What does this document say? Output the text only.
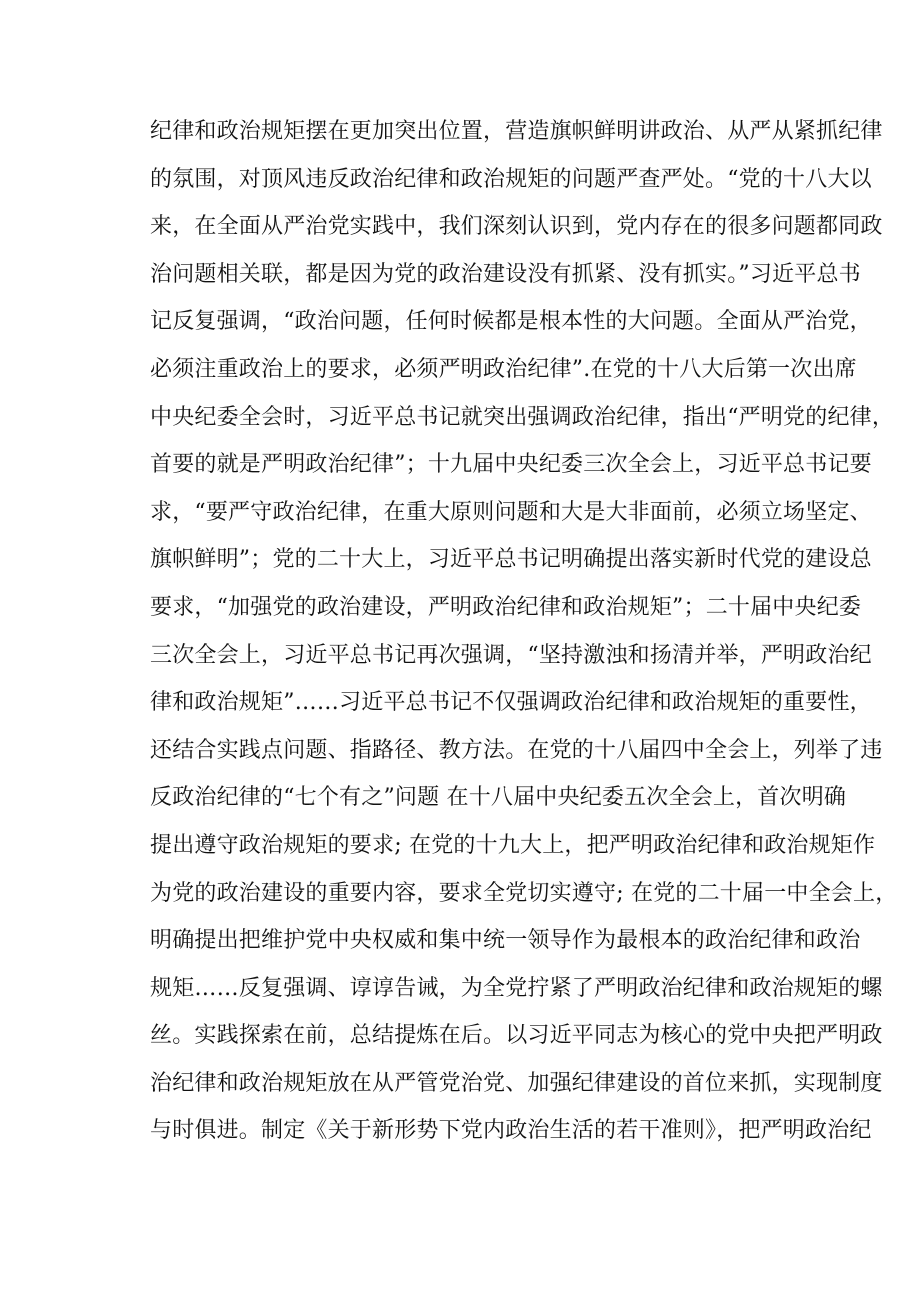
纪律和政治规矩摆在更加突出位置，营造旗帜鲜明讲政治、从严从紧抓纪律
的氛围，对顶风违反政治纪律和政治规矩的问题严查严处。“党的十八大以
来，在全面从严治党实践中，我们深刻认识到，党内存在的很多问题都同政
治问题相关联，都是因为党的政治建设没有抓紧、没有抓实。”习近平总书
记反复强调，“政治问题，任何时候都是根本性的大问题。全面从严治党，
必须注重政治上的要求，必须严明政治纪律”.在党的十八大后第一次出席
中央纪委全会时，习近平总书记就突出强调政治纪律，指出“严明党的纪律，
首要的就是严明政治纪律”；十九届中央纪委三次全会上，习近平总书记要
求，“要严守政治纪律，在重大原则问题和大是大非面前，必须立场坚定、
旗帜鲜明”；党的二十大上，习近平总书记明确提出落实新时代党的建设总
要求，“加强党的政治建设，严明政治纪律和政治规矩”；二十届中央纪委
三次全会上，习近平总书记再次强调，“坚持激浊和扬清并举，严明政治纪
律和政治规矩”……习近平总书记不仅强调政治纪律和政治规矩的重要性，
还结合实践点问题、指路径、教方法。在党的十八届四中全会上，列举了违
反政治纪律的“七个有之”问题 在十八届中央纪委五次全会上，首次明确
提出遵守政治规矩的要求; 在党的十九大上，把严明政治纪律和政治规矩作
为党的政治建设的重要内容，要求全党切实遵守; 在党的二十届一中全会上，
明确提出把维护党中央权威和集中统一领导作为最根本的政治纪律和政治
规矩……反复强调、谆谆告诫，为全党拧紧了严明政治纪律和政治规矩的螺
丝。实践探索在前，总结提炼在后。以习近平同志为核心的党中央把严明政
治纪律和政治规矩放在从严管党治党、加强纪律建设的首位来抓，实现制度
与时俱进。制定《关于新形势下党内政治生活的若干准则》，把严明政治纪
